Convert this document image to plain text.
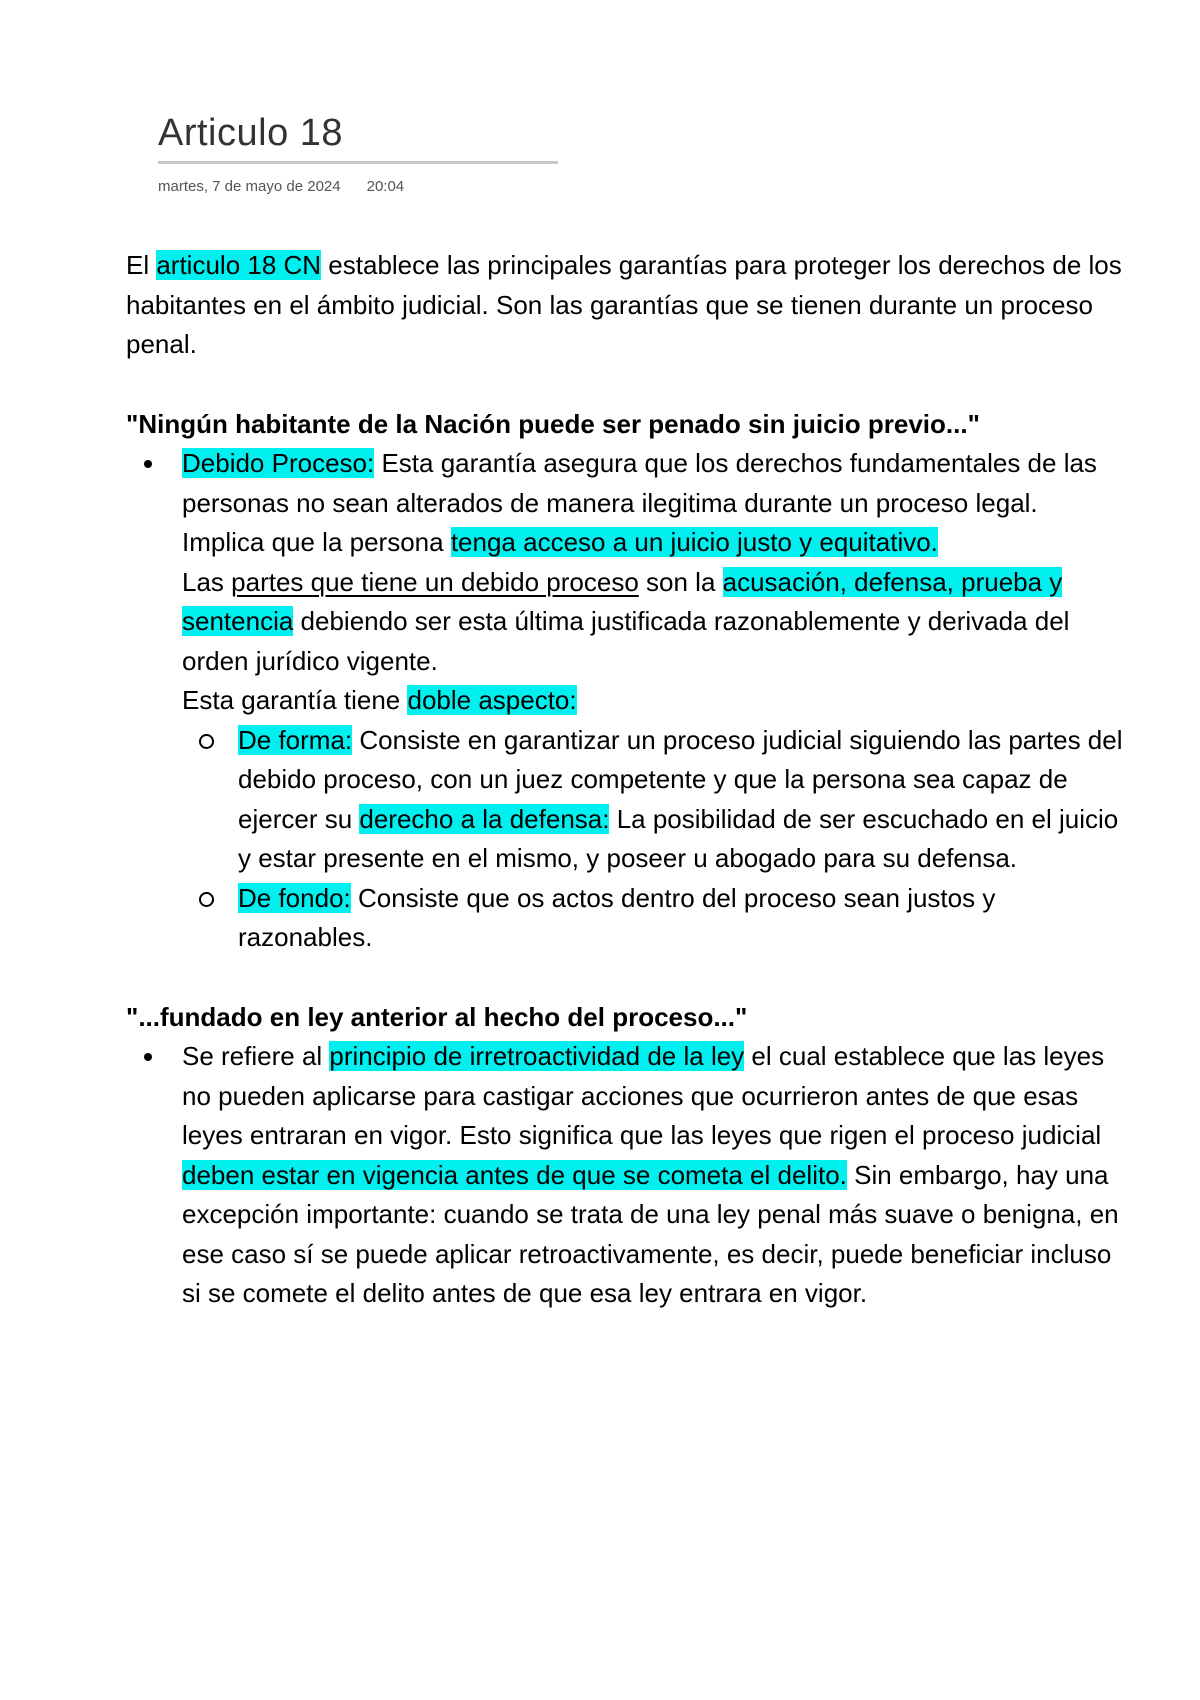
Articulo 18
martes, 7 de mayo de 2024 20:04

El articulo 18 CN establece las principales garantías para proteger los derechos de los habitantes en el ámbito judicial. Son las garantías que se tienen durante un proceso penal.

"Ningún habitante de la Nación puede ser penado sin juicio previo..."

Debido Proceso: Esta garantía asegura que los derechos fundamentales de las personas no sean alterados de manera ilegitima durante un proceso legal. Implica que la persona tenga acceso a un juicio justo y equitativo.

Las partes que tiene un debido proceso son la acusación, defensa, prueba y sentencia debiendo ser esta última justificada razonablemente y derivada del orden jurídico vigente.

Esta garantía tiene doble aspecto:

De forma: Consiste en garantizar un proceso judicial siguiendo las partes del debido proceso, con un juez competente y que la persona sea capaz de ejercer su derecho a la defensa: La posibilidad de ser escuchado en el juicio y estar presente en el mismo, y poseer u abogado para su defensa.
De fondo: Consiste que os actos dentro del proceso sean justos y razonables.

"...fundado en ley anterior al hecho del proceso..."

Se refiere al principio de irretroactividad de la ley el cual establece que las leyes no pueden aplicarse para castigar acciones que ocurrieron antes de que esas leyes entraran en vigor. Esto significa que las leyes que rigen el proceso judicial deben estar en vigencia antes de que se cometa el delito. Sin embargo, hay una excepción importante: cuando se trata de una ley penal más suave o benigna, en ese caso sí se puede aplicar retroactivamente, es decir, puede beneficiar incluso si se comete el delito antes de que esa ley entrara en vigor.
